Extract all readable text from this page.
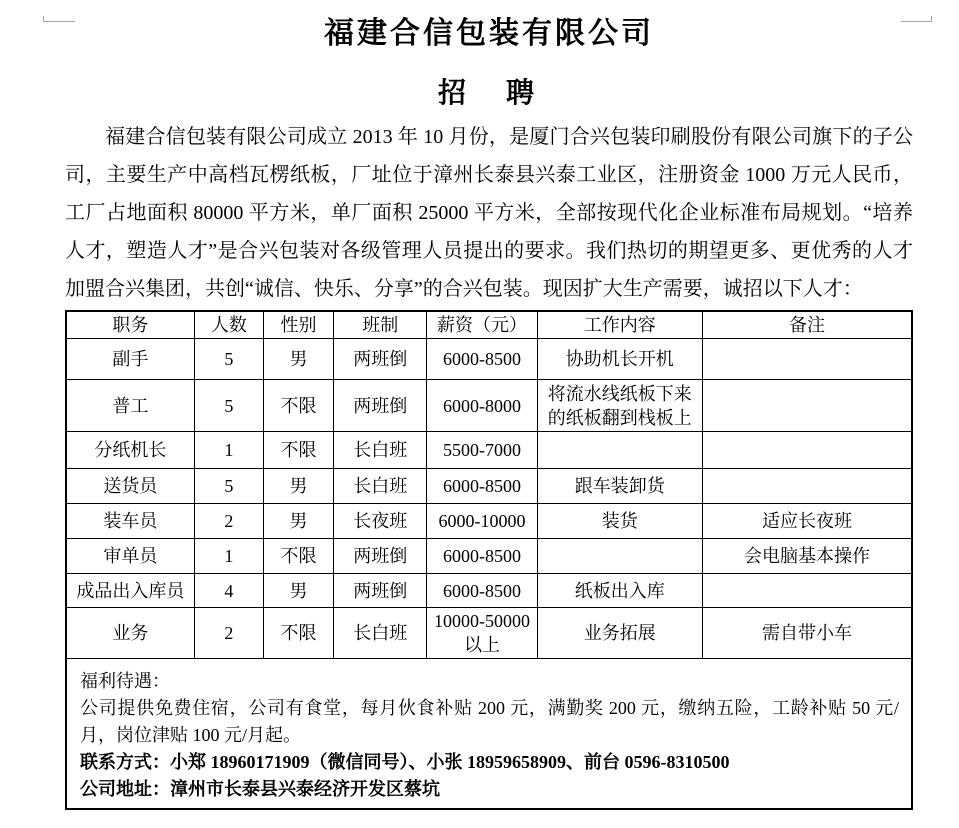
福建合信包装有限公司
招　聘

福建合信包装有限公司成立 2013 年 10 月份，是厦门合兴包装印刷股份有限公司旗下的子公司，主要生产中高档瓦楞纸板，厂址位于漳州长泰县兴泰工业区，注册资金 1000 万元人民币，工厂占地面积 80000 平方米，单厂面积 25000 平方米，全部按现代化企业标准布局规划。“培养人才，塑造人才”是合兴包装对各级管理人员提出的要求。我们热切的期望更多、更优秀的人才加盟合兴集团，共创“诚信、快乐、分享”的合兴包装。现因扩大生产需要，诚招以下人才：

职务	人数	性别	班制	薪资（元）	工作内容	备注
副手	5	男	两班倒	6000-8500	协助机长开机	
普工	5	不限	两班倒	6000-8000	将流水线纸板下来的纸板翻到栈板上	
分纸机长	1	不限	长白班	5500-7000		
送货员	5	男	长白班	6000-8500	跟车装卸货	
装车员	2	男	长夜班	6000-10000	装货	适应长夜班
审单员	1	不限	两班倒	6000-8500		会电脑基本操作
成品出入库员	4	男	两班倒	6000-8500	纸板出入库	
业务	2	不限	长白班	10000-50000 以上	业务拓展	需自带小车

福利待遇：
公司提供免费住宿，公司有食堂，每月伙食补贴 200 元，满勤奖 200 元，缴纳五险，工龄补贴 50 元/月，岗位津贴 100 元/月起。
联系方式：小郑 18960171909（微信同号）、小张 18959658909、前台 0596-8310500
公司地址：漳州市长泰县兴泰经济开发区蔡坑						
